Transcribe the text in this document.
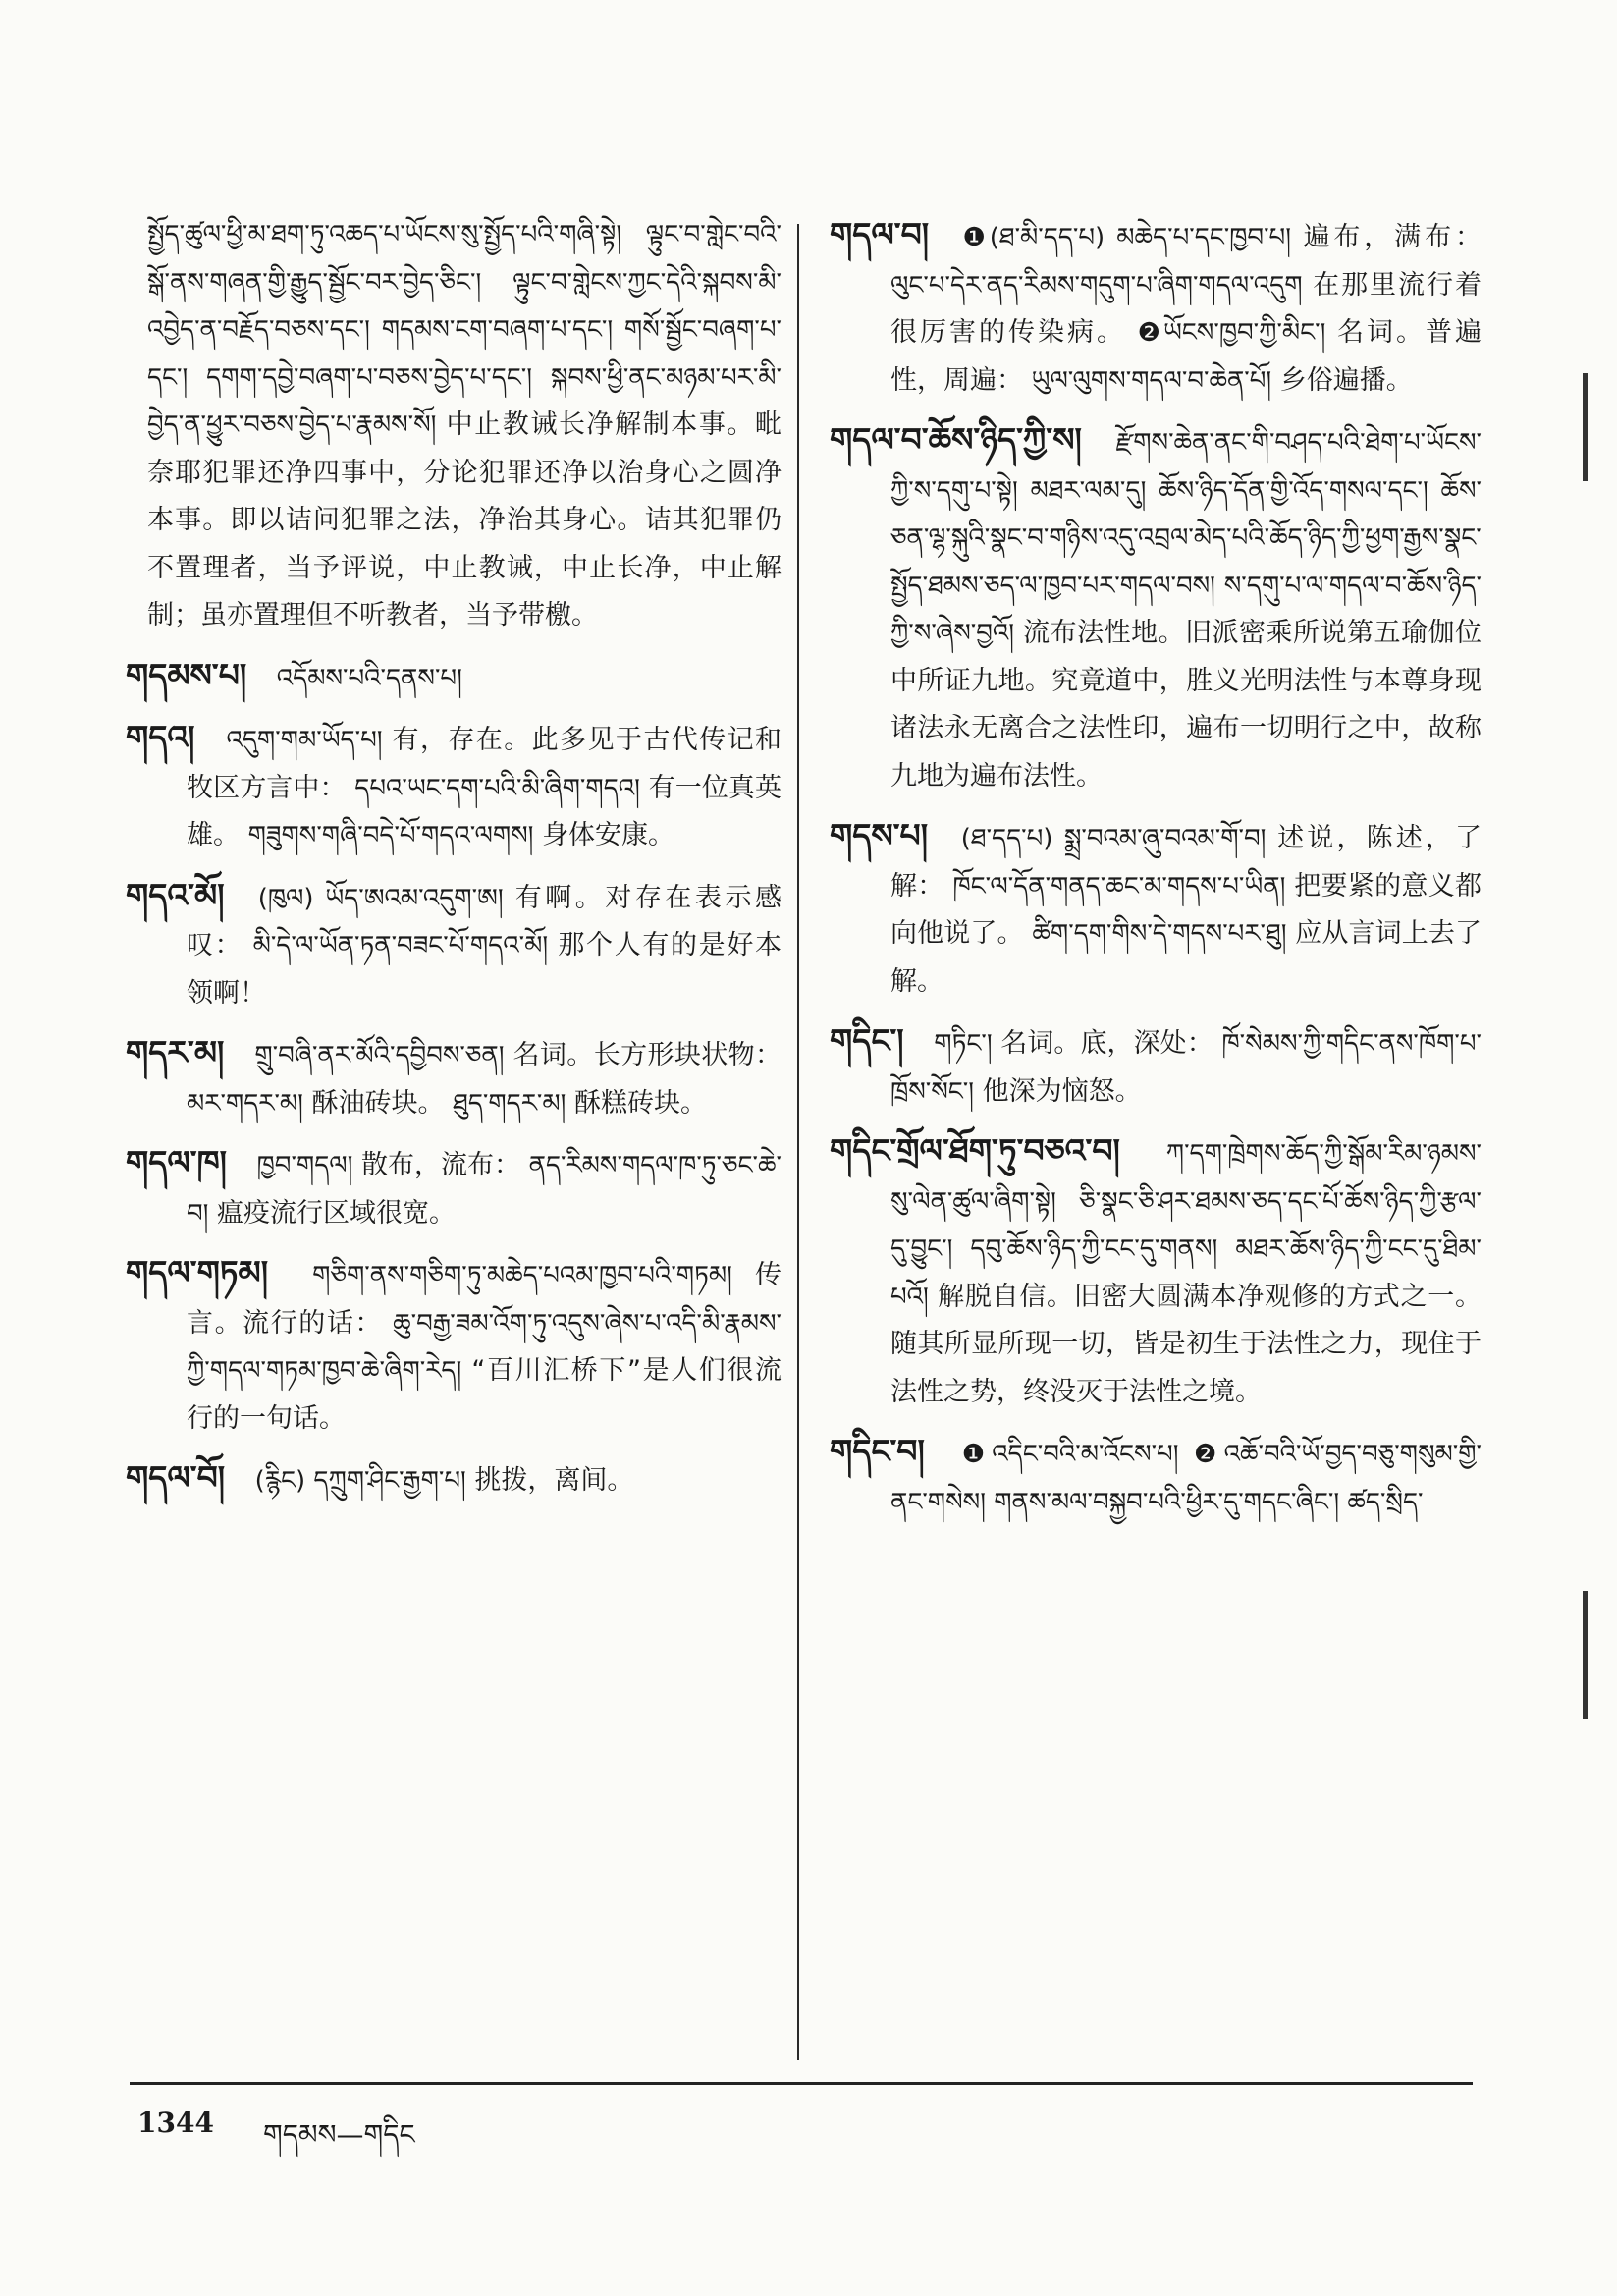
སྤྱོད་ཚུལ་ཕྱི་མ་ཐག་ཏུ་འཆད་པ་ཡོངས་སུ་སྤྱོད་པའི་གཞི་སྟེ། ལྟུང་བ་གླེང་བའི་སྒོ་ནས་གཞན་གྱི་རྒྱུད་སྦྱོང་བར་བྱེད་ཅིང་། ལྟུང་བ་གླེངས་ཀྱང་དེའི་སྐབས་མི་འབྱེད་ན་བརྗོད་བཅས་དང་། གདམས་ངག་བཞག་པ་དང་། གསོ་སྦྱོང་བཞག་པ་དང་། དགག་དབྱེ་བཞག་པ་བཅས་བྱེད་པ་དང་། སྐབས་ཕྱི་ནང་མཉམ་པར་མི་བྱེད་ན་ཕྱུར་བཅས་བྱེད་པ་རྣམས་སོ། 中止教诫长净解制本事。毗奈耶犯罪还净四事中，分论犯罪还净以治身心之圆净本事。即以诘问犯罪之法，净治其身心。诘其犯罪仍不置理者，当予评说，中止教诫，中止长净，中止解制；虽亦置理但不听教者，当予带檄。

གདམས་པ། འདོམས་པའི་དནས་པ།

གདའ། འདུག་གམ་ཡོད་པ། 有，存在。此多见于古代传记和牧区方言中： དཔའ་ཡང་དག་པའི་མི་ཞིག་གདའ། 有一位真英雄。 གཟུགས་གཞི་བདེ་པོ་གདའ་ལགས། 身体安康。

གདའ་མོ། (ཁུལ) ཡོད་ཨའམ་འདུག་ཨ། 有啊。对存在表示感叹： མི་དེ་ལ་ཡོན་ཏན་བཟང་པོ་གདའ་མོ། 那个人有的是好本领啊！

གདར་མ། གྲུ་བཞི་ནར་མོའི་དབྱིབས་ཅན། 名词。长方形块状物： མར་གདར་མ། 酥油砖块。 ཐུད་གདར་མ། 酥糕砖块。

གདལ་ཁ། ཁྱབ་གདལ། 散布，流布： ནད་རིམས་གདལ་ཁ་ཏུ་ཅང་ཆེ་བ། 瘟疫流行区域很宽。

གདལ་གཏམ། གཅིག་ནས་གཅིག་ཏུ་མཆེད་པའམ་ཁྱབ་པའི་གཏམ། 传言。流行的话： ཆུ་བརྒྱ་ཟམ་འོག་ཏུ་འདུས་ཞེས་པ་འདི་མི་རྣམས་ཀྱི་གདལ་གཏམ་ཁྱབ་ཆེ་ཞིག་རེད། “百川汇桥下”是人们很流行的一句话。

གདལ་བོ། (རྙིང) དཀྲུག་ཤིང་རྒྱག་པ། 挑拨，离间。

གདལ་བ། ❶(ཐ་མི་དད་པ) མཆེད་པ་དང་ཁྱབ་པ། 遍布，满布： ལུང་པ་དེར་ནད་རིམས་གདུག་པ་ཞིག་གདལ་འདུག 在那里流行着很厉害的传染病。 ❷ཡོངས་ཁྱབ་ཀྱི་མིང་། 名词。普遍性，周遍： ཡུལ་ལུགས་གདལ་བ་ཆེན་པོ། 乡俗遍播。

གདལ་བ་ཆོས་ཉིད་ཀྱི་ས། རྫོགས་ཆེན་ནང་གི་བཤད་པའི་ཐེག་པ་ཡོངས་ཀྱི་ས་དགུ་པ་སྟེ། མཐར་ལམ་དུ། ཆོས་ཉིད་དོན་གྱི་འོད་གསལ་དང་། ཆོས་ཅན་ལྷ་སྐུའི་སྣང་བ་གཉིས་འདུ་འབྲལ་མེད་པའི་ཆོད་ཉིད་ཀྱི་ཕྱག་རྒྱས་སྣང་སྤྱོད་ཐམས་ཅད་ལ་ཁྱབ་པར་གདལ་བས། ས་དགུ་པ་ལ་གདལ་བ་ཆོས་ཉིད་ཀྱི་ས་ཞེས་བྱའོ། 流布法性地。旧派密乘所说第五瑜伽位中所证九地。究竟道中，胜义光明法性与本尊身现诸法永无离合之法性印，遍布一切明行之中，故称九地为遍布法性。

གདས་པ། (ཐ་དད་པ) སྨྲ་བའམ་ཞུ་བའམ་གོ་བ། 述说，陈述，了解： ཁོང་ལ་དོན་གནད་ཆང་མ་གདས་པ་ཡིན། 把要紧的意义都向他说了。 ཚིག་དག་གིས་དེ་གདས་པར་ཐུ། 应从言词上去了解。

གདིང་། གཏིང་། 名词。底，深处： ཁོ་སེམས་ཀྱི་གདིང་ནས་ཁོག་པ་ཁྲོས་སོང་། 他深为恼怒。

གདིང་གྲོལ་ཐོག་ཏུ་བཅའ་བ། ཀ་དག་ཁྲེགས་ཆོད་ཀྱི་སྒོམ་རིམ་ཉམས་སུ་ལེན་ཚུལ་ཞིག་སྟེ། ཅི་སྣང་ཅི་ཤར་ཐམས་ཅད་དང་པོ་ཆོས་ཉིད་ཀྱི་རྩལ་དུ་བྱུང་། དབུ་ཆོས་ཉིད་ཀྱི་ངང་དུ་གནས། མཐར་ཆོས་ཉིད་ཀྱི་ངང་དུ་ཐིམ་པའོ། 解脱自信。旧密大圆满本净观修的方式之一。随其所显所现一切，皆是初生于法性之力，现住于法性之势，终没灭于法性之境。

གདིང་བ། ❶འདིང་བའི་མ་འོངས་པ། ❷འཆོ་བའི་ཡོ་བྱད་བཅུ་གསུམ་གྱི་ནང་གསེས། གནས་མལ་བསྐྱབ་པའི་ཕྱིར་དུ་གདང་ཞིང་། ཚད་སྲིད་

1344 གདམས—གདིང
